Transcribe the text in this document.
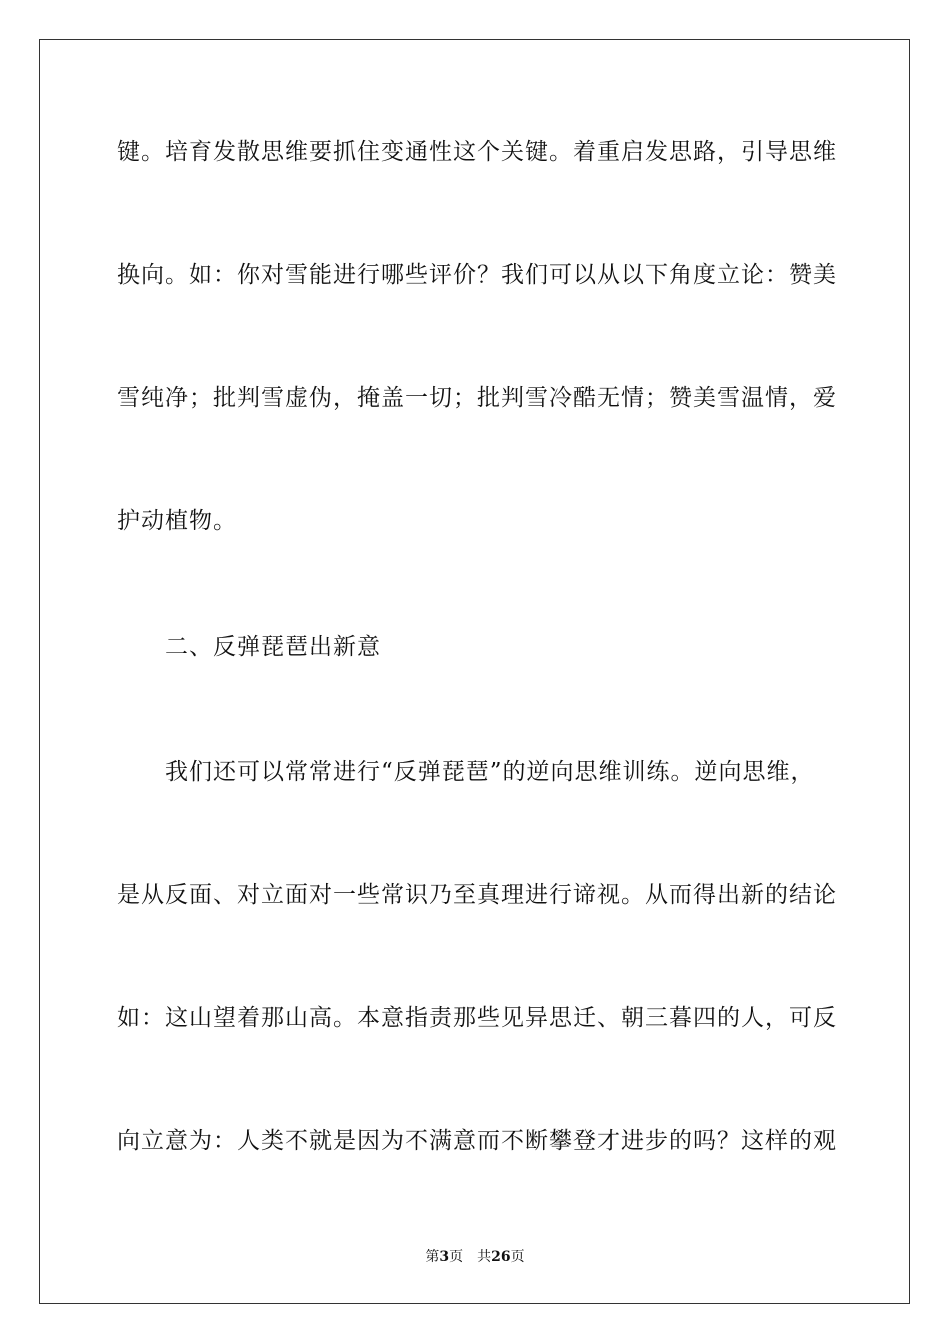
键。培育发散思维要抓住变通性这个关键。着重启发思路，引导思维
换向。如：你对雪能进行哪些评价？我们可以从以下角度立论：赞美
雪纯净；批判雪虚伪，掩盖一切；批判雪冷酷无情；赞美雪温情，爱
护动植物。
二、反弹琵琶出新意
我们还可以常常进行“反弹琵琶”的逆向思维训练。逆向思维，
是从反面、对立面对一些常识乃至真理进行谛视。从而得出新的结论
如：这山望着那山高。本意指责那些见异思迁、朝三暮四的人，可反
向立意为：人类不就是因为不满意而不断攀登才进步的吗？这样的观
第3页 共26页
